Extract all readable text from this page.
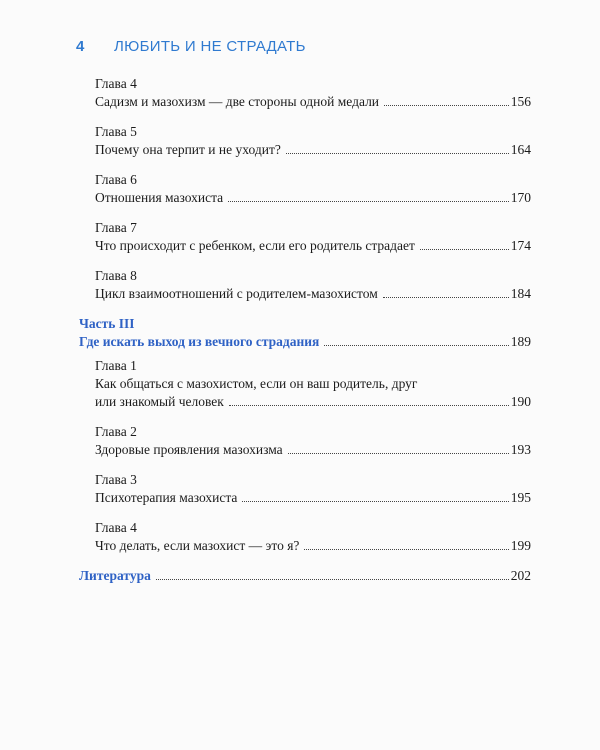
4	ЛЮБИТЬ И НЕ СТРАДАТЬ
Глава 4
Садизм и мазохизм — две стороны одной медали	156
Глава 5
Почему она терпит и не уходит?	164
Глава 6
Отношения мазохиста	170
Глава 7
Что происходит с ребенком, если его родитель страдает	174
Глава 8
Цикл взаимоотношений с родителем-мазохистом	184
Часть III
Где искать выход из вечного страдания	189
Глава 1
Как общаться с мазохистом, если он ваш родитель, друг
или знакомый человек	190
Глава 2
Здоровые проявления мазохизма	193
Глава 3
Психотерапия мазохиста	195
Глава 4
Что делать, если мазохист — это я?	199
Литература	202
